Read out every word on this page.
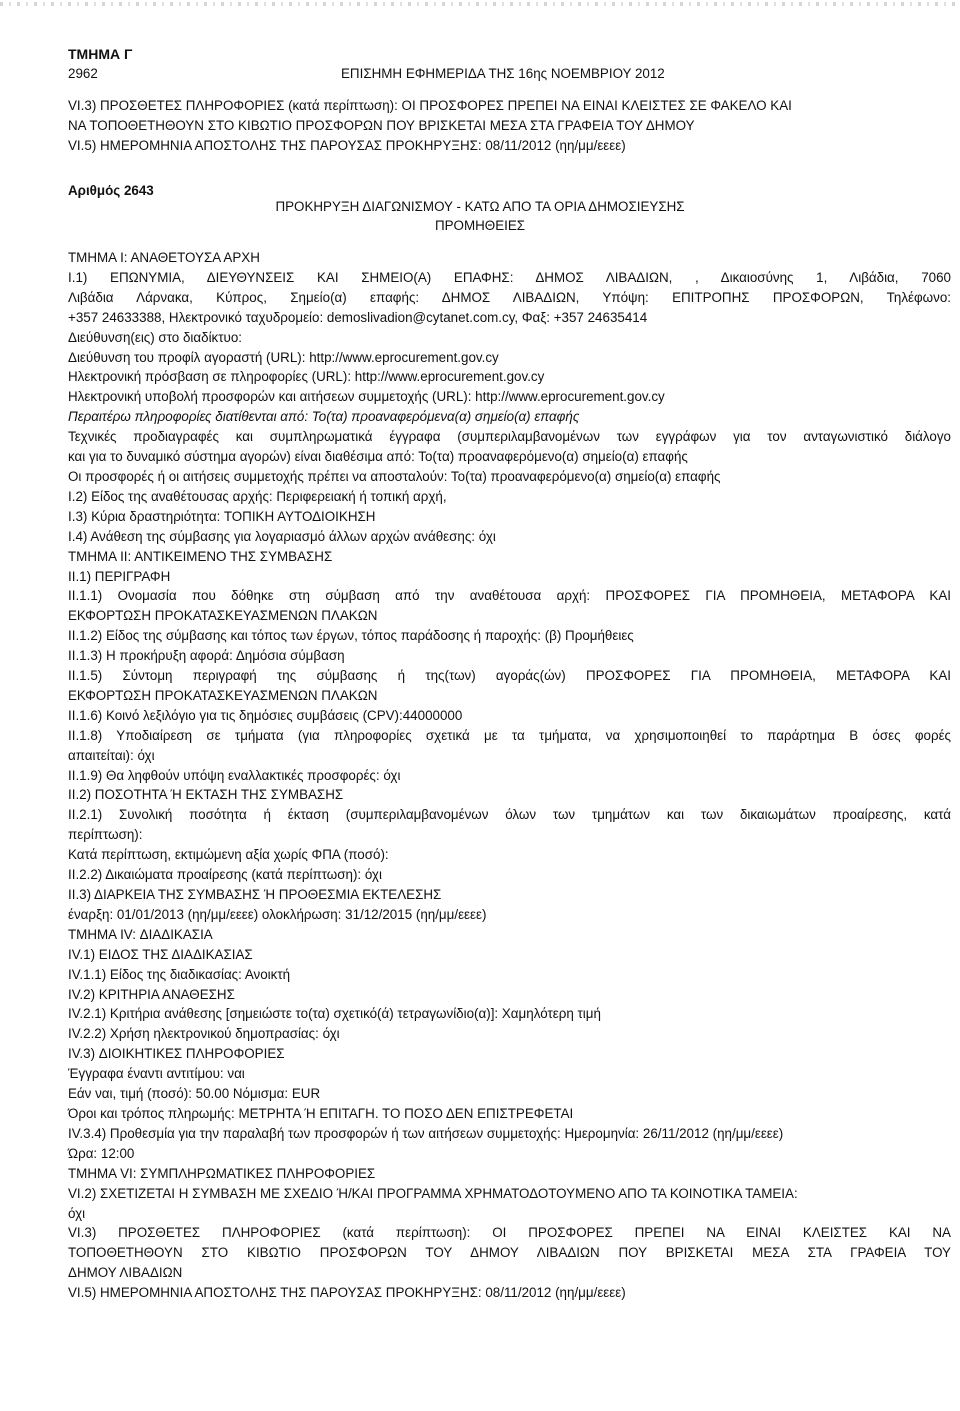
ΤΜΗΜΑ Γ
2962	ΕΠΙΣΗΜΗ ΕΦΗΜΕΡΙΔΑ ΤΗΣ 16ης ΝΟΕΜΒΡΙΟΥ 2012
VI.3) ΠΡΟΣΘΕΤΕΣ ΠΛΗΡΟΦΟΡΙΕΣ (κατά περίπτωση): ΟΙ ΠΡΟΣΦΟΡΕΣ ΠΡΕΠΕΙ ΝΑ ΕΙΝΑΙ ΚΛΕΙΣΤΕΣ ΣΕ ΦΑΚΕΛΟ ΚΑΙ
ΝΑ ΤΟΠΟΘΕΤΗΘΟΥΝ ΣΤΟ ΚΙΒΩΤΙΟ ΠΡΟΣΦΟΡΩΝ ΠΟΥ ΒΡΙΣΚΕΤΑΙ ΜΕΣΑ ΣΤΑ ΓΡΑΦΕΙΑ ΤΟΥ ΔΗΜΟΥ
VI.5) ΗΜΕΡΟΜΗΝΙΑ ΑΠΟΣΤΟΛΗΣ ΤΗΣ ΠΑΡΟΥΣΑΣ ΠΡΟΚΗΡΥΞΗΣ: 08/11/2012 (ηη/μμ/εεεε)
Αριθμός 2643
ΠΡΟΚΗΡΥΞΗ ΔΙΑΓΩΝΙΣΜΟΥ - ΚΑΤΩ ΑΠΟ ΤΑ ΟΡΙΑ ΔΗΜΟΣΙΕΥΣΗΣ
ΠΡΟΜΗΘΕΙΕΣ
ΤΜΗΜΑ Ι: ΑΝΑΘΕΤΟΥΣΑ ΑΡΧΗ
Ι.1) ΕΠΩΝΥΜΙΑ, ΔΙΕΥΘΥΝΣΕΙΣ ΚΑΙ ΣΗΜΕΙΟ(Α) ΕΠΑΦΗΣ: ΔΗΜΟΣ ΛΙΒΑΔΙΩΝ, , Δικαιοσύνης 1, Λιβάδια, 7060
Λιβάδια Λάρνακα, Κύπρος, Σημείο(α) επαφής: ΔΗΜΟΣ ΛΙΒΑΔΙΩΝ, Υπόψη: ΕΠΙΤΡΟΠΗΣ ΠΡΟΣΦΟΡΩΝ, Τηλέφωνο:
+357 24633388, Ηλεκτρονικό ταχυδρομείο: demoslivadion@cytanet.com.cy, Φαξ: +357 24635414
Διεύθυνση(εις) στο διαδίκτυο:
Διεύθυνση του προφίλ αγοραστή (URL): http://www.eprocurement.gov.cy
Ηλεκτρονική πρόσβαση σε πληροφορίες (URL): http://www.eprocurement.gov.cy
Ηλεκτρονική υποβολή προσφορών και αιτήσεων συμμετοχής (URL): http://www.eprocurement.gov.cy
Περαιτέρω πληροφορίες διατίθενται από: Το(τα) προαναφερόμενα(α) σημείο(α) επαφής
Τεχνικές προδιαγραφές και συμπληρωματικά έγγραφα (συμπεριλαμβανομένων των εγγράφων για τον ανταγωνιστικό διάλογο
και για το δυναμικό σύστημα αγορών) είναι διαθέσιμα από: Το(τα) προαναφερόμενο(α) σημείο(α) επαφής
Οι προσφορές ή οι αιτήσεις συμμετοχής πρέπει να αποσταλούν: Το(τα) προαναφερόμενο(α) σημείο(α) επαφής
Ι.2) Είδος της αναθέτουσας αρχής: Περιφερειακή ή τοπική αρχή,
Ι.3) Κύρια δραστηριότητα: ΤΟΠΙΚΗ ΑΥΤΟΔΙΟΙΚΗΣΗ
Ι.4) Ανάθεση της σύμβασης για λογαριασμό άλλων αρχών ανάθεσης: όχι
ΤΜΗΜΑ ΙΙ: ΑΝΤΙΚΕΙΜΕΝΟ ΤΗΣ ΣΥΜΒΑΣΗΣ
ΙΙ.1) ΠΕΡΙΓΡΑΦΗ
ΙΙ.1.1) Ονομασία που δόθηκε στη σύμβαση από την αναθέτουσα αρχή: ΠΡΟΣΦΟΡΕΣ ΓΙΑ ΠΡΟΜΗΘΕΙΑ, ΜΕΤΑΦΟΡΑ ΚΑΙ
ΕΚΦΟΡΤΩΣΗ ΠΡΟΚΑΤΑΣΚΕΥΑΣΜΕΝΩΝ ΠΛΑΚΩΝ
ΙΙ.1.2) Είδος της σύμβασης και τόπος των έργων, τόπος παράδοσης ή παροχής: (β) Προμήθειες
ΙΙ.1.3) Η προκήρυξη αφορά: Δημόσια σύμβαση
ΙΙ.1.5) Σύντομη περιγραφή της σύμβασης ή της(των) αγοράς(ών) ΠΡΟΣΦΟΡΕΣ ΓΙΑ ΠΡΟΜΗΘΕΙΑ, ΜΕΤΑΦΟΡΑ ΚΑΙ
ΕΚΦΟΡΤΩΣΗ ΠΡΟΚΑΤΑΣΚΕΥΑΣΜΕΝΩΝ ΠΛΑΚΩΝ
ΙΙ.1.6) Κοινό λεξιλόγιο για τις δημόσιες συμβάσεις (CPV):44000000
ΙΙ.1.8) Υποδιαίρεση σε τμήματα (για πληροφορίες σχετικά με τα τμήματα, να χρησιμοποιηθεί το παράρτημα Β όσες φορές
απαιτείται): όχι
ΙΙ.1.9) Θα ληφθούν υπόψη εναλλακτικές προσφορές: όχι
ΙΙ.2) ΠΟΣΟΤΗΤΑ Ή ΕΚΤΑΣΗ ΤΗΣ ΣΥΜΒΑΣΗΣ
ΙΙ.2.1) Συνολική ποσότητα ή έκταση (συμπεριλαμβανομένων όλων των τμημάτων και των δικαιωμάτων προαίρεσης, κατά
περίπτωση):
Κατά περίπτωση, εκτιμώμενη αξία χωρίς ΦΠΑ (ποσό):
ΙΙ.2.2) Δικαιώματα προαίρεσης (κατά περίπτωση): όχι
ΙΙ.3) ΔΙΑΡΚΕΙΑ ΤΗΣ ΣΥΜΒΑΣΗΣ Ή ΠΡΟΘΕΣΜΙΑ ΕΚΤΕΛΕΣΗΣ
έναρξη: 01/01/2013 (ηη/μμ/εεεε) ολοκλήρωση: 31/12/2015 (ηη/μμ/εεεε)
ΤΜΗΜΑ IV: ΔΙΑΔΙΚΑΣΙΑ
IV.1) ΕΙΔΟΣ ΤΗΣ ΔΙΑΔΙΚΑΣΙΑΣ
IV.1.1) Είδος της διαδικασίας: Ανοικτή
IV.2) ΚΡΙΤΗΡΙΑ ΑΝΑΘΕΣΗΣ
IV.2.1) Κριτήρια ανάθεσης [σημειώστε το(τα) σχετικό(ά) τετραγωνίδιο(α)]: Χαμηλότερη τιμή
IV.2.2) Χρήση ηλεκτρονικού δημοπρασίας: όχι
IV.3) ΔΙΟΙΚΗΤΙΚΕΣ ΠΛΗΡΟΦΟΡΙΕΣ
Έγγραφα έναντι αντιτίμου: ναι
Εάν ναι, τιμή (ποσό): 50.00 Νόμισμα: EUR
Όροι και τρόπος πληρωμής: ΜΕΤΡΗΤΑ Ή ΕΠΙΤΑΓΗ. ΤΟ ΠΟΣΟ ΔΕΝ ΕΠΙΣΤΡΕΦΕΤΑΙ
IV.3.4) Προθεσμία για την παραλαβή των προσφορών ή των αιτήσεων συμμετοχής: Ημερομηνία: 26/11/2012 (ηη/μμ/εεεε)
Ώρα: 12:00
ΤΜΗΜΑ VI: ΣΥΜΠΛΗΡΩΜΑΤΙΚΕΣ ΠΛΗΡΟΦΟΡΙΕΣ
VI.2) ΣΧΕΤΙΖΕΤΑΙ Η ΣΥΜΒΑΣΗ ΜΕ ΣΧΕΔΙΟ Ή/ΚΑΙ ΠΡΟΓΡΑΜΜΑ ΧΡΗΜΑΤΟΔΟΤΟΥΜΕΝΟ ΑΠΟ ΤΑ ΚΟΙΝΟΤΙΚΑ ΤΑΜΕΙΑ:
όχι
VI.3) ΠΡΟΣΘΕΤΕΣ ΠΛΗΡΟΦΟΡΙΕΣ (κατά περίπτωση): ΟΙ ΠΡΟΣΦΟΡΕΣ ΠΡΕΠΕΙ ΝΑ ΕΙΝΑΙ ΚΛΕΙΣΤΕΣ ΚΑΙ ΝΑ
ΤΟΠΟΘΕΤΗΘΟΥΝ ΣΤΟ ΚΙΒΩΤΙΟ ΠΡΟΣΦΟΡΩΝ ΤΟΥ ΔΗΜΟΥ ΛΙΒΑΔΙΩΝ ΠΟΥ ΒΡΙΣΚΕΤΑΙ ΜΕΣΑ ΣΤΑ ΓΡΑΦΕΙΑ ΤΟΥ
ΔΗΜΟΥ ΛΙΒΑΔΙΩΝ
VI.5) ΗΜΕΡΟΜΗΝΙΑ ΑΠΟΣΤΟΛΗΣ ΤΗΣ ΠΑΡΟΥΣΑΣ ΠΡΟΚΗΡΥΞΗΣ: 08/11/2012 (ηη/μμ/εεεε)
